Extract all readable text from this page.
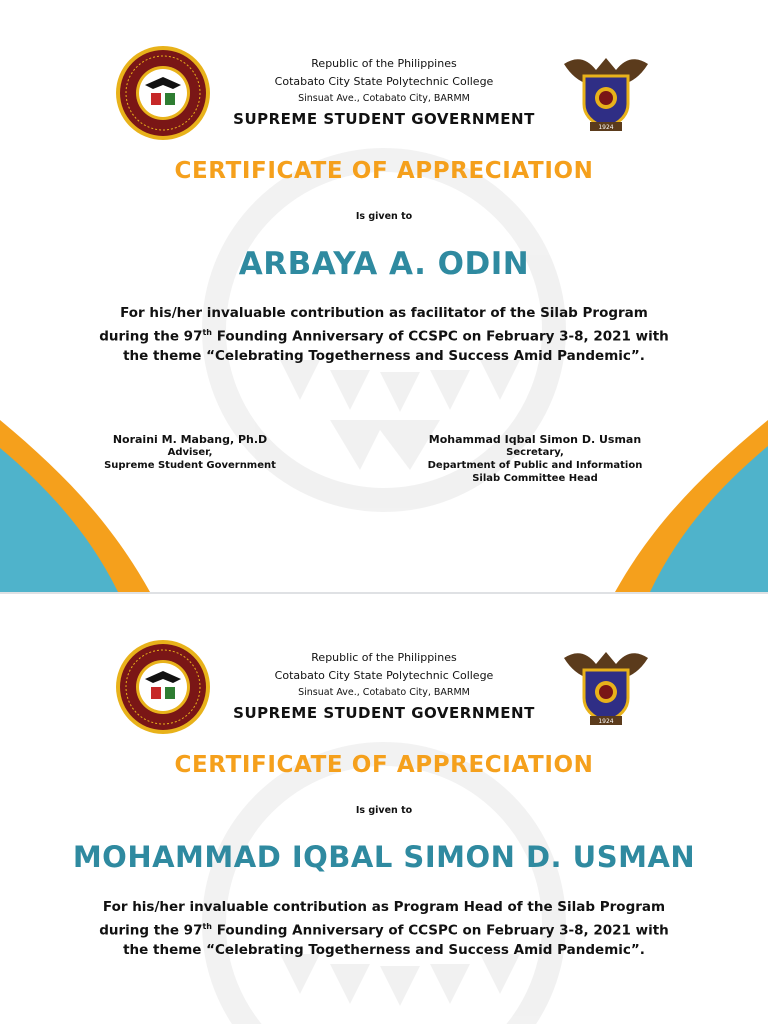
1924
Republic of the Philippines
Cotabato City State Polytechnic College
Sinsuat Ave., Cotabato City, BARMM
SUPREME STUDENT GOVERNMENT
CERTIFICATE OF APPRECIATION
Is given to
ARBAYA A. ODIN
For his/her invaluable contribution as facilitator of the Silab Program
during the 97th Founding Anniversary of CCSPC on February 3-8, 2021 with
the theme “Celebrating Togetherness and Success Amid Pandemic”.
Noraini M. Mabang, Ph.D
Adviser,
Supreme Student Government
Mohammad Iqbal Simon D. Usman
Secretary,
Department of Public and Information
Silab Committee Head
1924
Republic of the Philippines
Cotabato City State Polytechnic College
Sinsuat Ave., Cotabato City, BARMM
SUPREME STUDENT GOVERNMENT
CERTIFICATE OF APPRECIATION
Is given to
MOHAMMAD IQBAL SIMON D. USMAN
For his/her invaluable contribution as Program Head of the Silab Program
during the 97th Founding Anniversary of CCSPC on February 3-8, 2021 with
the theme “Celebrating Togetherness and Success Amid Pandemic”.
